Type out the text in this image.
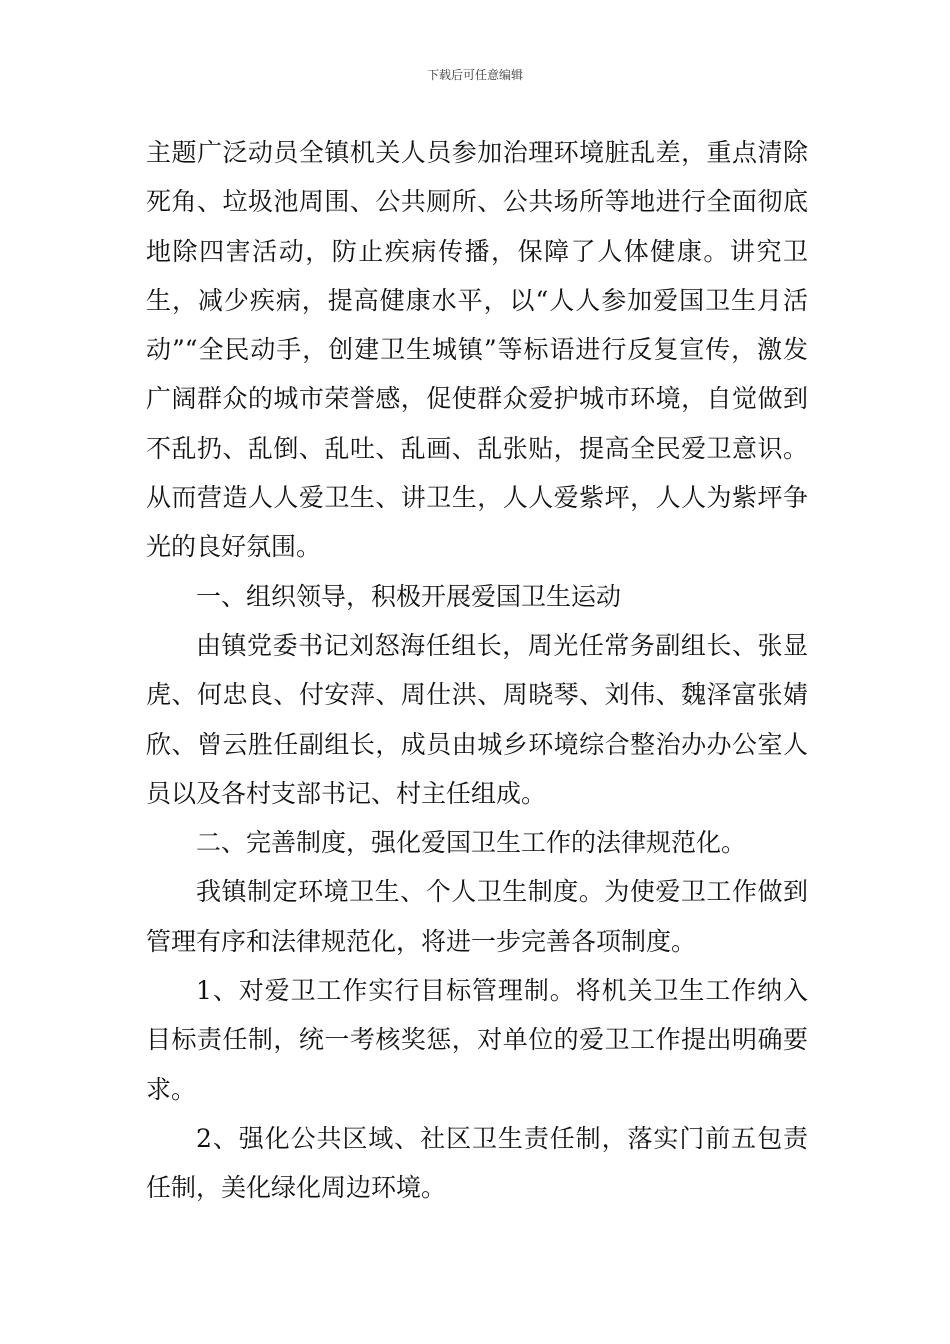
下载后可任意编辑

主题广泛动员全镇机关人员参加治理环境脏乱差，重点清除死角、垃圾池周围、公共厕所、公共场所等地进行全面彻底地除四害活动，防止疾病传播，保障了人体健康。讲究卫生，减少疾病，提高健康水平，以“人人参加爱国卫生月活动”“全民动手，创建卫生城镇”等标语进行反复宣传，激发广阔群众的城市荣誉感，促使群众爱护城市环境，自觉做到不乱扔、乱倒、乱吐、乱画、乱张贴，提高全民爱卫意识。从而营造人人爱卫生、讲卫生，人人爱紫坪，人人为紫坪争光的良好氛围。

一、组织领导，积极开展爱国卫生运动

由镇党委书记刘怒海任组长，周光任常务副组长、张显虎、何忠良、付安萍、周仕洪、周晓琴、刘伟、魏泽富张婧欣、曾云胜任副组长，成员由城乡环境综合整治办办公室人员以及各村支部书记、村主任组成。

二、完善制度，强化爱国卫生工作的法律规范化。

我镇制定环境卫生、个人卫生制度。为使爱卫工作做到管理有序和法律规范化，将进一步完善各项制度。

1、对爱卫工作实行目标管理制。将机关卫生工作纳入目标责任制，统一考核奖惩，对单位的爱卫工作提出明确要求。

2、强化公共区域、社区卫生责任制，落实门前五包责任制，美化绿化周边环境。
